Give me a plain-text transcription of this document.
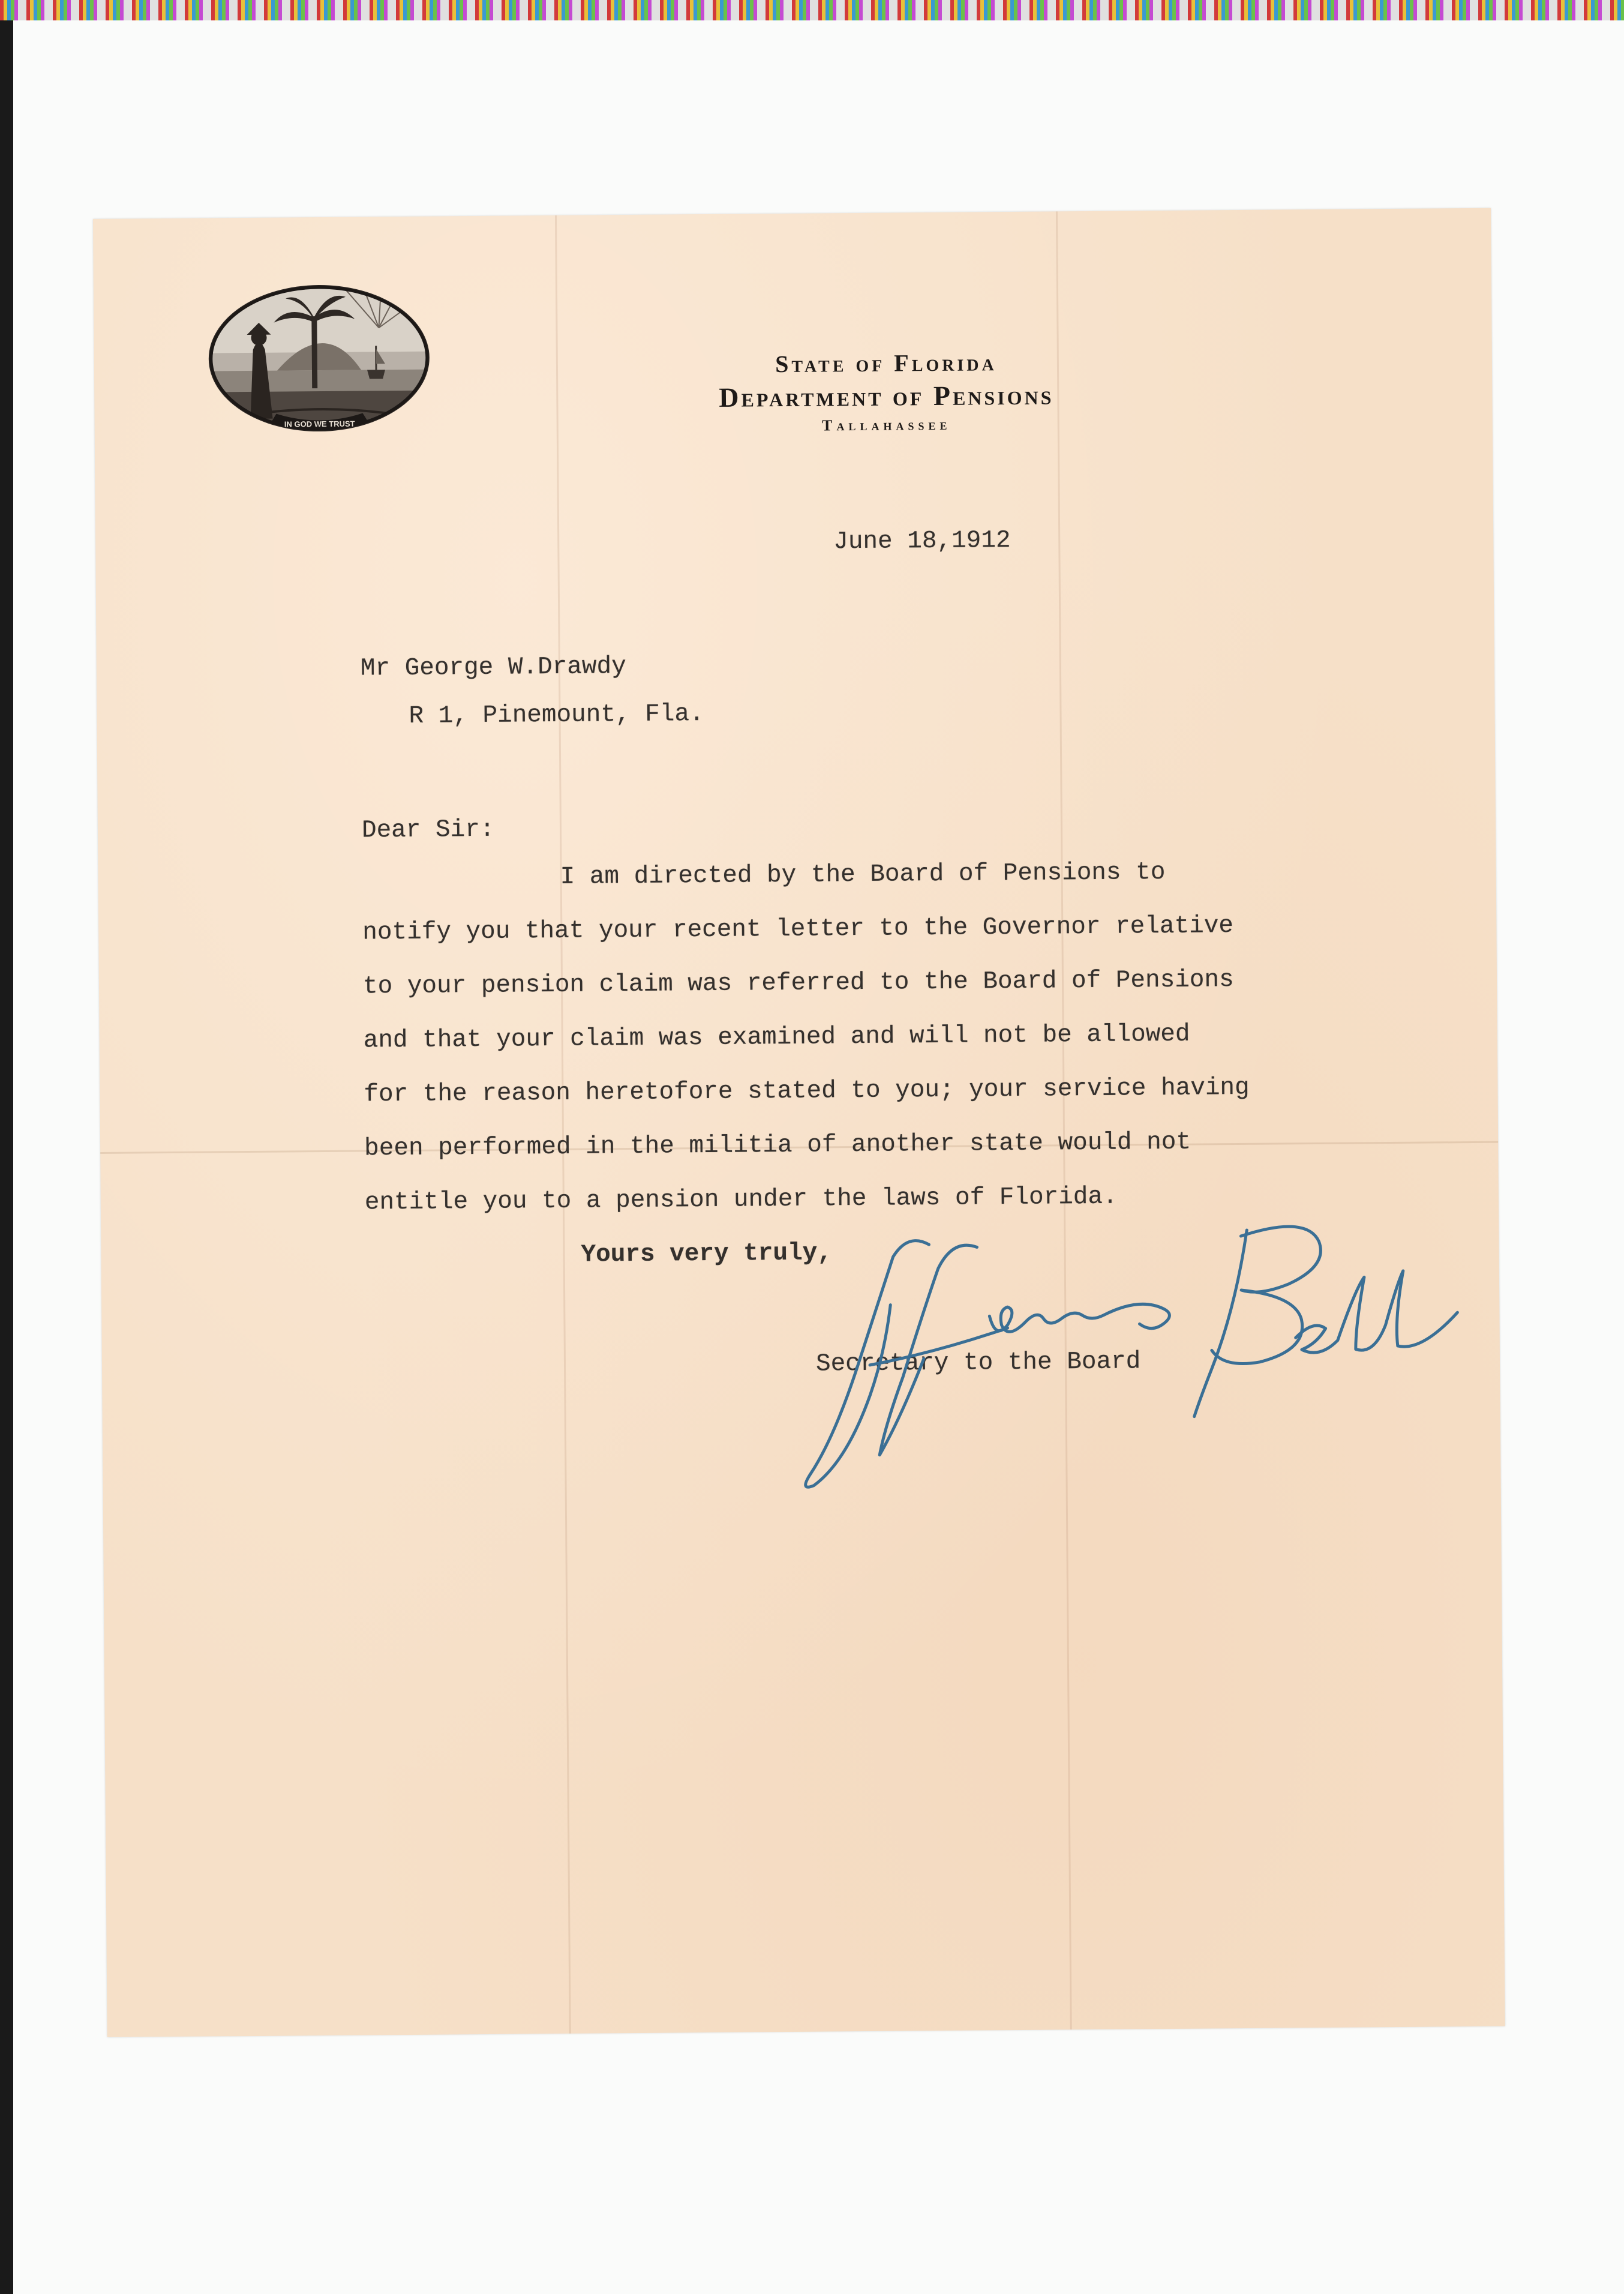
IN GOD WE TRUST
State of Florida
Department of Pensions
Tallahassee
June 18,1912
Mr George W.Drawdy
R 1, Pinemount, Fla.
Dear Sir:
I am directed by the Board of Pensions to
notify you that your recent letter to the Governor relative
to your pension claim was referred to the Board of Pensions
and that your claim was examined and will not be allowed
for the reason heretofore stated to you; your service having
been performed in the militia of another state would not
entitle you to a pension under the laws of Florida.
Yours very truly,
Secretary to the Board
Jefferson Bell
